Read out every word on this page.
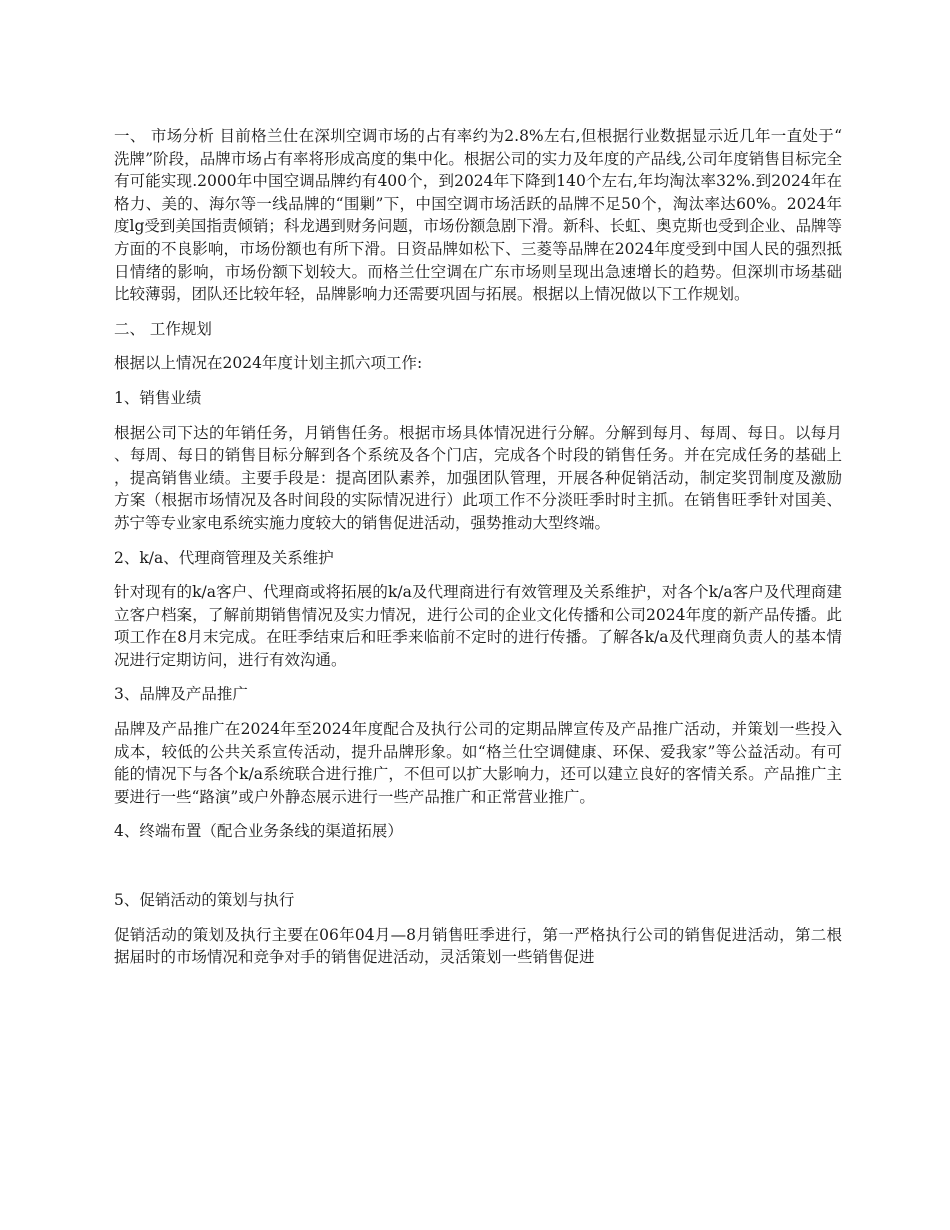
一、 市场分析 目前格兰仕在深圳空调市场的占有率约为2.8%左右,但根据行业数据显示近几年一直处于“洗牌”阶段，品牌市场占有率将形成高度的集中化。根据公司的实力及年度的产品线,公司年度销售目标完全有可能实现.2000年中国空调品牌约有400个，到2024年下降到140个左右,年均淘汰率32%.到2024年在格力、美的、海尔等一线品牌的“围剿”下，中国空调市场活跃的品牌不足50个，淘汰率达60%。2024年度lg受到美国指责倾销；科龙遇到财务问题，市场份额急剧下滑。新科、长虹、奥克斯也受到企业、品牌等方面的不良影响，市场份额也有所下滑。日资品牌如松下、三菱等品牌在2024年度受到中国人民的强烈抵日情绪的影响，市场份额下划较大。而格兰仕空调在广东市场则呈现出急速增长的趋势。但深圳市场基础比较薄弱，团队还比较年轻，品牌影响力还需要巩固与拓展。根据以上情况做以下工作规划。

二、 工作规划

根据以上情况在2024年度计划主抓六项工作:

1、销售业绩

根据公司下达的年销任务，月销售任务。根据市场具体情况进行分解。分解到每月、每周、每日。以每月、每周、每日的销售目标分解到各个系统及各个门店，完成各个时段的销售任务。并在完成任务的基础上，提高销售业绩。主要手段是：提高团队素养，加强团队管理，开展各种促销活动，制定奖罚制度及激励方案（根据市场情况及各时间段的实际情况进行）此项工作不分淡旺季时时主抓。在销售旺季针对国美、苏宁等专业家电系统实施力度较大的销售促进活动，强势推动大型终端。

2、k/a、代理商管理及关系维护

针对现有的k/a客户、代理商或将拓展的k/a及代理商进行有效管理及关系维护，对各个k/a客户及代理商建立客户档案，了解前期销售情况及实力情况，进行公司的企业文化传播和公司2024年度的新产品传播。此项工作在8月末完成。在旺季结束后和旺季来临前不定时的进行传播。了解各k/a及代理商负责人的基本情况进行定期访问，进行有效沟通。

3、品牌及产品推广

品牌及产品推广在2024年至2024年度配合及执行公司的定期品牌宣传及产品推广活动，并策划一些投入成本，较低的公共关系宣传活动，提升品牌形象。如“格兰仕空调健康、环保、爱我家”等公益活动。有可能的情况下与各个k/a系统联合进行推广，不但可以扩大影响力，还可以建立良好的客情关系。产品推广主要进行一些“路演”或户外静态展示进行一些产品推广和正常营业推广。

4、终端布置（配合业务条线的渠道拓展）

5、促销活动的策划与执行

促销活动的策划及执行主要在06年04月—8月销售旺季进行，第一严格执行公司的销售促进活动，第二根据届时的市场情况和竞争对手的销售促进活动，灵活策划一些销售促进
